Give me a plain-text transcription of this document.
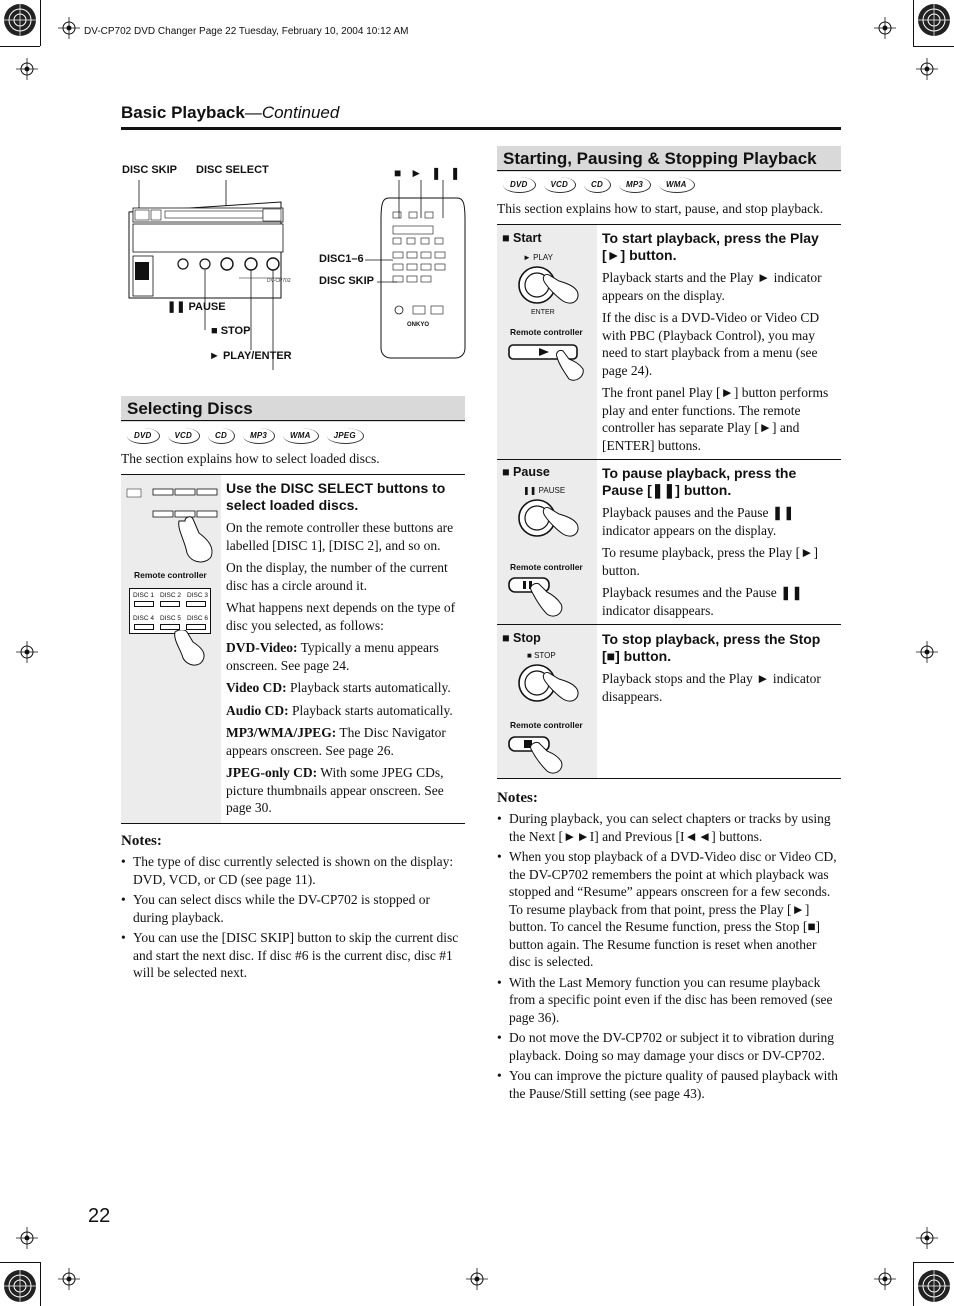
DV-CP702 DVD Changer Page 22 Tuesday, February 10, 2004 10:12 AM
Basic Playback—Continued
DISC SKIP DISC SELECT
DV-CP702
ONKYO
■►❚❚
DISC1–6
DISC SKIP
❚❚ PAUSE
■ STOP
► PLAY/ENTER
Selecting Discs
DVD	VCD	CD	MP3	WMA	JPEG
The section explains how to select loaded discs.
Remote controller
DISC 1 DISC 2 DISC 3
DISC 4 DISC 5 DISC 6
Use the DISC SELECT buttons to select loaded discs.

On the remote controller these buttons are labelled [DISC 1], [DISC 2], and so on.

On the display, the number of the current disc has a circle around it.

What happens next depends on the type of disc you selected, as follows:

DVD-Video: Typically a menu appears onscreen. See page 24.

Video CD: Playback starts automatically.

Audio CD: Playback starts automatically.

MP3/WMA/JPEG: The Disc Navigator appears onscreen. See page 26.

JPEG-only CD: With some JPEG CDs, picture thumbnails appear onscreen. See page 30.

Notes:
• The type of disc currently selected is shown on the display: DVD, VCD, or CD (see page 11).
• You can select discs while the DV-CP702 is stopped or during playback.
• You can use the [DISC SKIP] button to skip the current disc and start the next disc. If disc #6 is the current disc, disc #1 will be selected next.
Starting, Pausing & Stopping Playback
DVD	VCD	CD	MP3	WMA
This section explains how to start, pause, and stop playback.
■ Start
► PLAY
ENTER
Remote controller
To start playback, press the Play [►] button.

Playback starts and the Play ► indicator appears on the display.

If the disc is a DVD-Video or Video CD with PBC (Playback Control), you may need to start playback from a menu (see page 24).

The front panel Play [►] button performs play and enter functions. The remote controller has separate Play [►] and [ENTER] buttons.

■ Pause
❚❚ PAUSE
Remote controller
To pause playback, press the Pause [❚❚] button.

Playback pauses and the Pause ❚❚ indicator appears on the display.

To resume playback, press the Play [►] button.

Playback resumes and the Pause ❚❚ indicator disappears.

■ Stop
■ STOP
Remote controller
To stop playback, press the Stop [■] button.

Playback stops and the Play ► indicator disappears.

Notes:
• During playback, you can select chapters or tracks by using the Next [►►I] and Previous [I◄◄] buttons.
• When you stop playback of a DVD-Video disc or Video CD, the DV-CP702 remembers the point at which playback was stopped and “Resume” appears onscreen for a few seconds. To resume playback from that point, press the Play [►] button. To cancel the Resume function, press the Stop [■] button again. The Resume function is reset when another disc is selected.
• With the Last Memory function you can resume playback from a specific point even if the disc has been removed (see page 36).
• Do not move the DV-CP702 or subject it to vibration during playback. Doing so may damage your discs or DV-CP702.
• You can improve the picture quality of paused playback with the Pause/Still setting (see page 43).
22
